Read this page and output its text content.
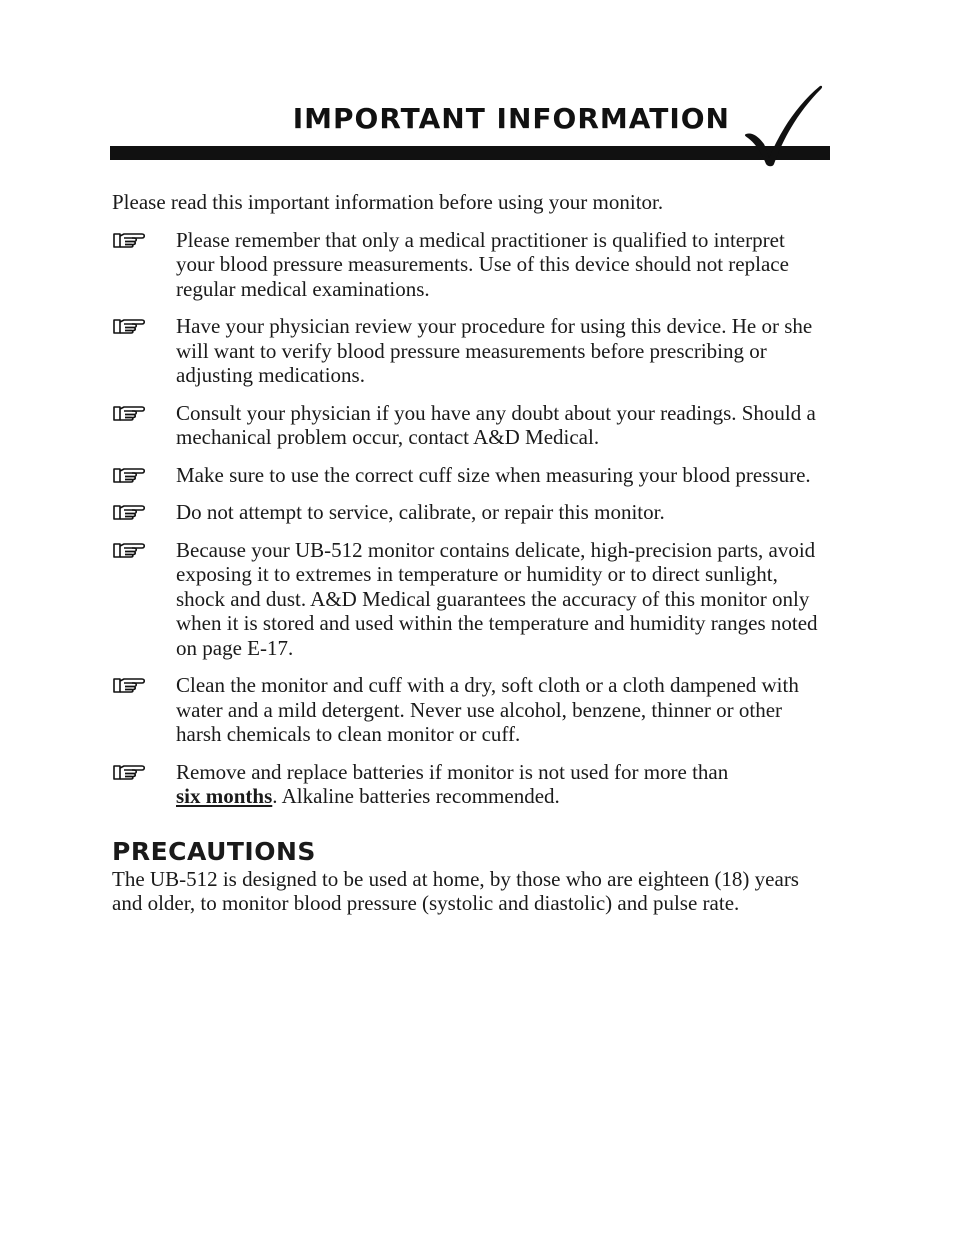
IMPORTANT INFORMATION

Please read this important information before using your monitor.

Please remember that only a medical practitioner is qualified to interpret your blood pressure measurements. Use of this device should not replace regular medical examinations.
Have your physician review your procedure for using this device. He or she will want to verify blood pressure measurements before prescribing or adjusting medications.
Consult your physician if you have any doubt about your readings. Should a mechanical problem occur, contact A&D Medical.
Make sure to use the correct cuff size when measuring your blood pressure.
Do not attempt to service, calibrate, or repair this monitor.
Because your UB-512 monitor contains delicate, high-precision parts, avoid exposing it to extremes in temperature or humidity or to direct sunlight, shock and dust. A&D Medical guarantees the accuracy of this monitor only when it is stored and used within the temperature and humidity ranges noted on page E-17.
Clean the monitor and cuff with a dry, soft cloth or a cloth dampened with water and a mild detergent. Never use alcohol, benzene, thinner or other harsh chemicals to clean monitor or cuff.
Remove and replace batteries if monitor is not used for more than
six months. Alkaline batteries recommended.
PRECAUTIONS

The UB-512 is designed to be used at home, by those who are eighteen (18) years and older, to monitor blood pressure (systolic and diastolic) and pulse rate.
